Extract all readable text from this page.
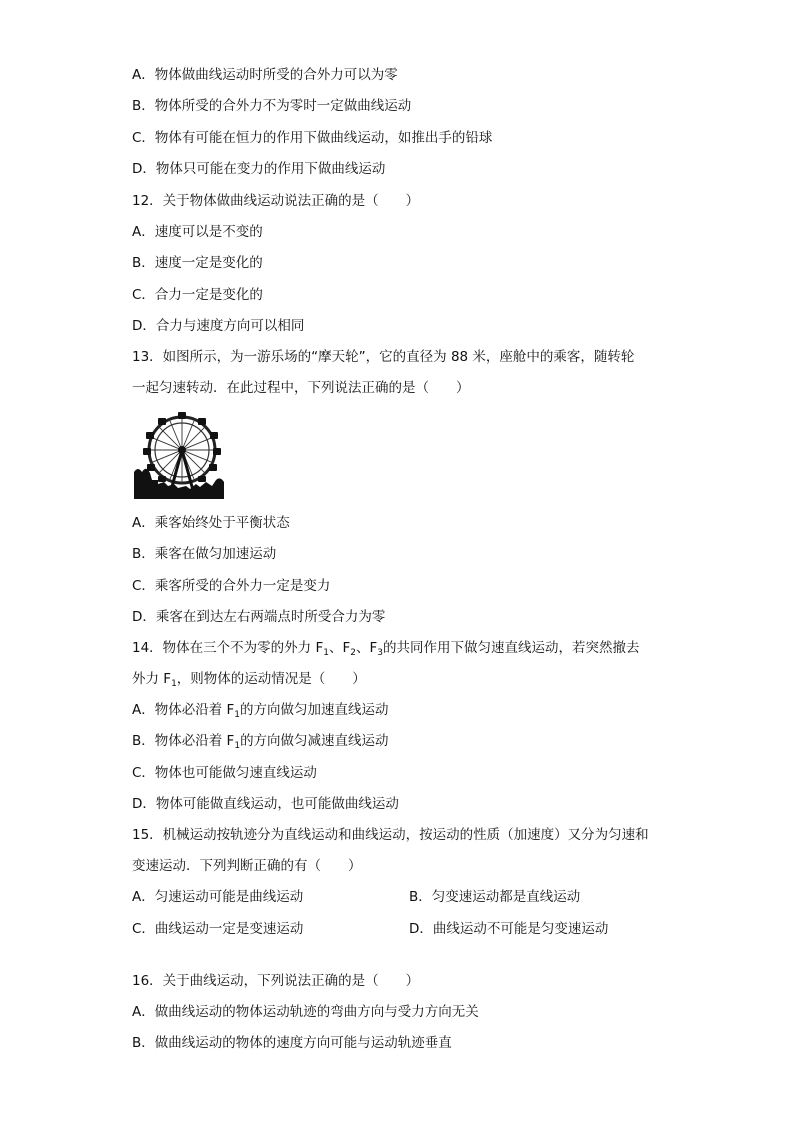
A．物体做曲线运动时所受的合外力可以为零
B．物体所受的合外力不为零时一定做曲线运动
C．物体有可能在恒力的作用下做曲线运动，如推出手的铅球
D．物体只可能在变力的作用下做曲线运动
12．关于物体做曲线运动说法正确的是（　　）
A．速度可以是不变的
B．速度一定是变化的
C．合力一定是变化的
D．合力与速度方向可以相同
13．如图所示，为一游乐场的“摩天轮”，它的直径为 88 米，座舱中的乘客，随转轮
一起匀速转动．在此过程中，下列说法正确的是（　　）
A．乘客始终处于平衡状态
B．乘客在做匀加速运动
C．乘客所受的合外力一定是变力
D．乘客在到达左右两端点时所受合力为零
14．物体在三个不为零的外力 $F_1$、$F_2$、$F_3$的共同作用下做匀速直线运动，若突然撤去
外力 $F_1$，则物体的运动情况是（　　）
A．物体必沿着 $F_1$的方向做匀加速直线运动
B．物体必沿着 $F_1$的方向做匀减速直线运动
C．物体也可能做匀速直线运动
D．物体可能做直线运动，也可能做曲线运动
15．机械运动按轨迹分为直线运动和曲线运动，按运动的性质（加速度）又分为匀速和
变速运动．下列判断正确的有（　　）
A．匀速运动可能是曲线运动	B．匀变速运动都是直线运动
C．曲线运动一定是变速运动	D．曲线运动不可能是匀变速运动
16．关于曲线运动，下列说法正确的是（　　）
A．做曲线运动的物体运动轨迹的弯曲方向与受力方向无关
B．做曲线运动的物体的速度方向可能与运动轨迹垂直
